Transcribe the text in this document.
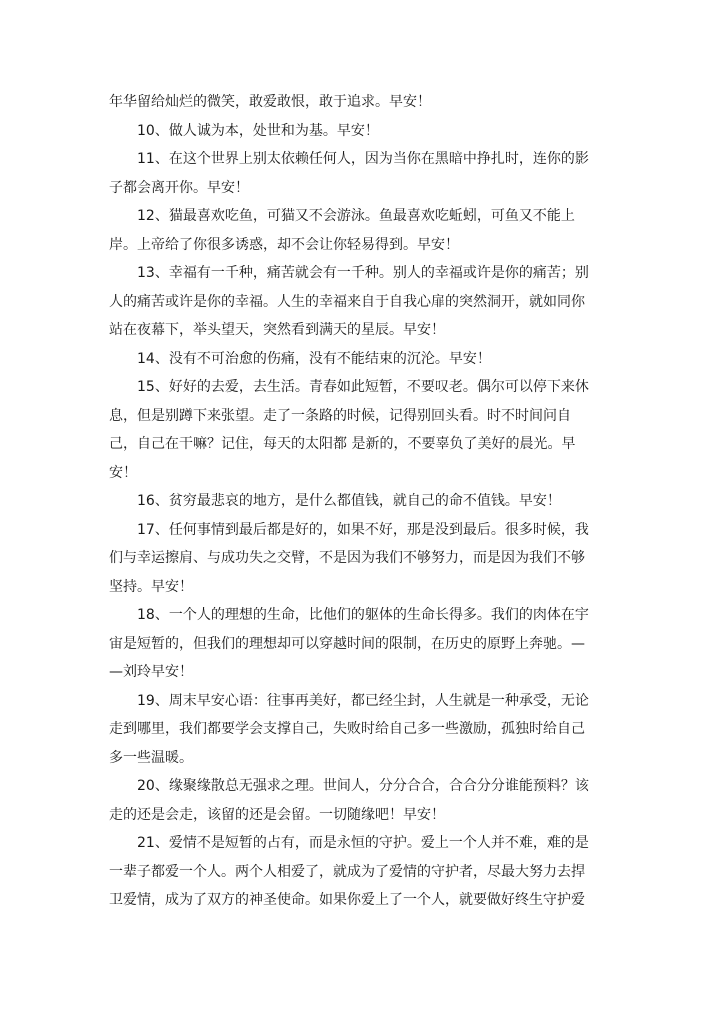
年华留给灿烂的微笑，敢爱敢恨，敢于追求。早安！
10、做人诚为本，处世和为基。早安！
11、在这个世界上别太依赖任何人，因为当你在黑暗中挣扎时，连你的影
子都会离开你。早安！
12、猫最喜欢吃鱼，可猫又不会游泳。鱼最喜欢吃蚯蚓，可鱼又不能上
岸。上帝给了你很多诱惑，却不会让你轻易得到。早安！
13、幸福有一千种，痛苦就会有一千种。别人的幸福或许是你的痛苦；别
人的痛苦或许是你的幸福。人生的幸福来自于自我心扉的突然洞开，就如同你
站在夜幕下，举头望天，突然看到满天的星辰。早安！
14、没有不可治愈的伤痛，没有不能结束的沉沦。早安！
15、好好的去爱，去生活。青春如此短暂，不要叹老。偶尔可以停下来休
息，但是别蹲下来张望。走了一条路的时候，记得别回头看。时不时间问自
己，自己在干嘛？记住，每天的太阳都 是新的，不要辜负了美好的晨光。早
安！
16、贫穷最悲哀的地方，是什么都值钱，就自己的命不值钱。早安！
17、任何事情到最后都是好的，如果不好，那是没到最后。很多时候，我
们与幸运擦肩、与成功失之交臂，不是因为我们不够努力，而是因为我们不够
坚持。早安！
18、一个人的理想的生命，比他们的躯体的生命长得多。我们的肉体在宇
宙是短暂的，但我们的理想却可以穿越时间的限制，在历史的原野上奔驰。—
—刘玲早安！
19、周末早安心语：往事再美好，都已经尘封，人生就是一种承受，无论
走到哪里，我们都要学会支撑自己，失败时给自己多一些激励，孤独时给自己
多一些温暖。
20、缘聚缘散总无强求之理。世间人，分分合合，合合分分谁能预料？该
走的还是会走，该留的还是会留。一切随缘吧！早安！
21、爱情不是短暂的占有，而是永恒的守护。爱上一个人并不难，难的是
一辈子都爱一个人。两个人相爱了，就成为了爱情的守护者，尽最大努力去捍
卫爱情，成为了双方的神圣使命。如果你爱上了一个人，就要做好终生守护爱
